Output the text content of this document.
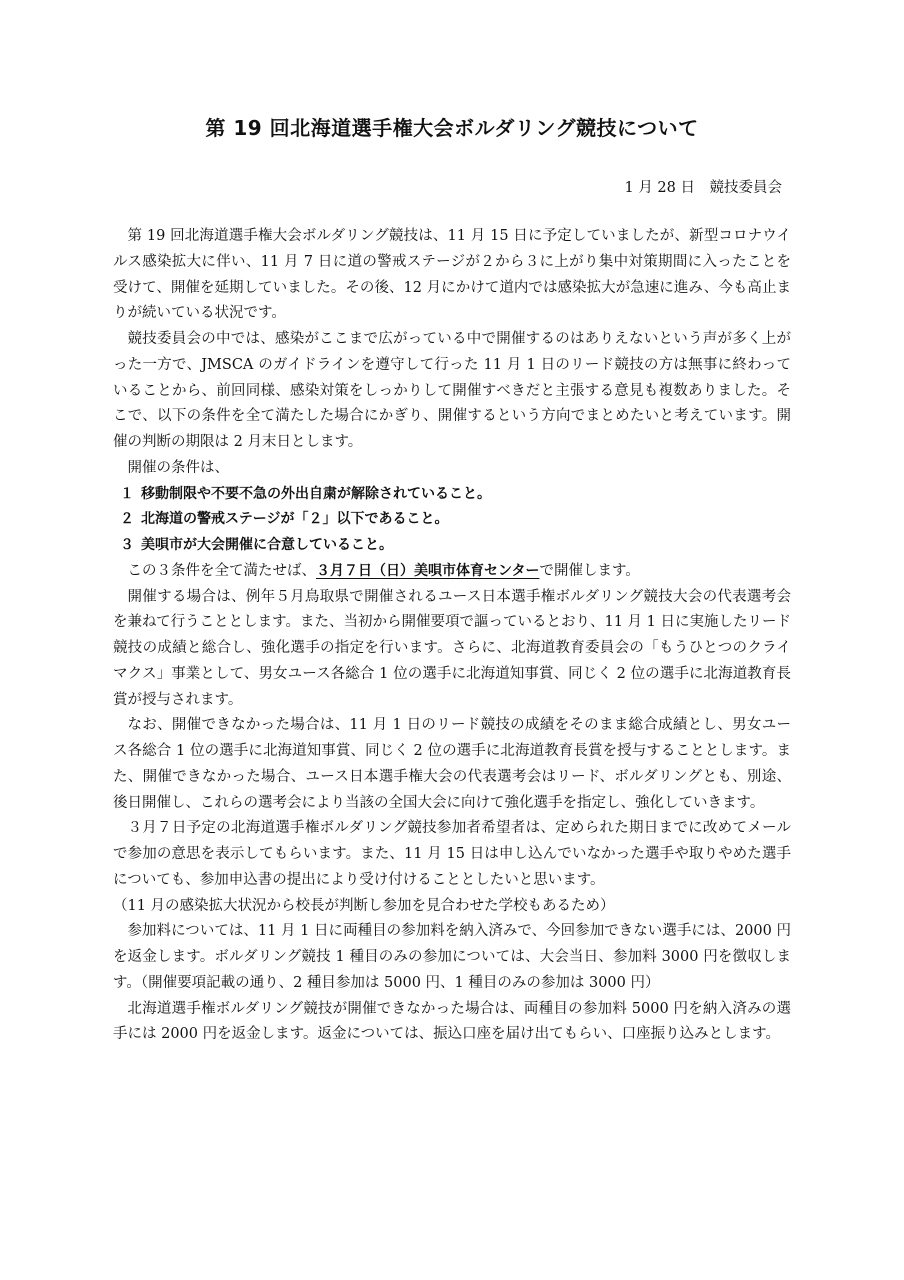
第 19 回北海道選手権大会ボルダリング競技について
1 月 28 日　競技委員会

第 19 回北海道選手権大会ボルダリング競技は、11 月 15 日に予定していましたが、新型コロナウイルス感染拡大に伴い、11 月 7 日に道の警戒ステージが２から３に上がり集中対策期間に入ったことを受けて、開催を延期していました。その後、12 月にかけて道内では感染拡大が急速に進み、今も高止まりが続いている状況です。

競技委員会の中では、感染がここまで広がっている中で開催するのはありえないという声が多く上がった一方で、JMSCA のガイドラインを遵守して行った 11 月 1 日のリード競技の方は無事に終わっていることから、前回同様、感染対策をしっかりして開催すべきだと主張する意見も複数ありました。そこで、以下の条件を全て満たした場合にかぎり、開催するという方向でまとめたいと考えています。開催の判断の期限は 2 月末日とします。

開催の条件は、

１ 移動制限や不要不急の外出自粛が解除されていること。
２ 北海道の警戒ステージが「２」以下であること。
３ 美唄市が大会開催に合意していること。

この３条件を全て満たせば、３月７日（日）美唄市体育センターで開催します。

開催する場合は、例年５月鳥取県で開催されるユース日本選手権ボルダリング競技大会の代表選考会を兼ねて行うこととします。また、当初から開催要項で謳っているとおり、11 月 1 日に実施したリード競技の成績と総合し、強化選手の指定を行います。さらに、北海道教育委員会の「もうひとつのクライマクス」事業として、男女ユース各総合 1 位の選手に北海道知事賞、同じく 2 位の選手に北海道教育長賞が授与されます。

なお、開催できなかった場合は、11 月 1 日のリード競技の成績をそのまま総合成績とし、男女ユース各総合 1 位の選手に北海道知事賞、同じく 2 位の選手に北海道教育長賞を授与することとします。また、開催できなかった場合、ユース日本選手権大会の代表選考会はリード、ボルダリングとも、別途、後日開催し、これらの選考会により当該の全国大会に向けて強化選手を指定し、強化していきます。

３月７日予定の北海道選手権ボルダリング競技参加者希望者は、定められた期日までに改めてメールで参加の意思を表示してもらいます。また、11 月 15 日は申し込んでいなかった選手や取りやめた選手についても、参加申込書の提出により受け付けることとしたいと思います。

（11 月の感染拡大状況から校長が判断し参加を見合わせた学校もあるため）

参加料については、11 月 1 日に両種目の参加料を納入済みで、今回参加できない選手には、2000 円を返金します。ボルダリング競技 1 種目のみの参加については、大会当日、参加料 3000 円を徴収します。（開催要項記載の通り、2 種目参加は 5000 円、1 種目のみの参加は 3000 円）

北海道選手権ボルダリング競技が開催できなかった場合は、両種目の参加料 5000 円を納入済みの選手には 2000 円を返金します。返金については、振込口座を届け出てもらい、口座振り込みとします。
